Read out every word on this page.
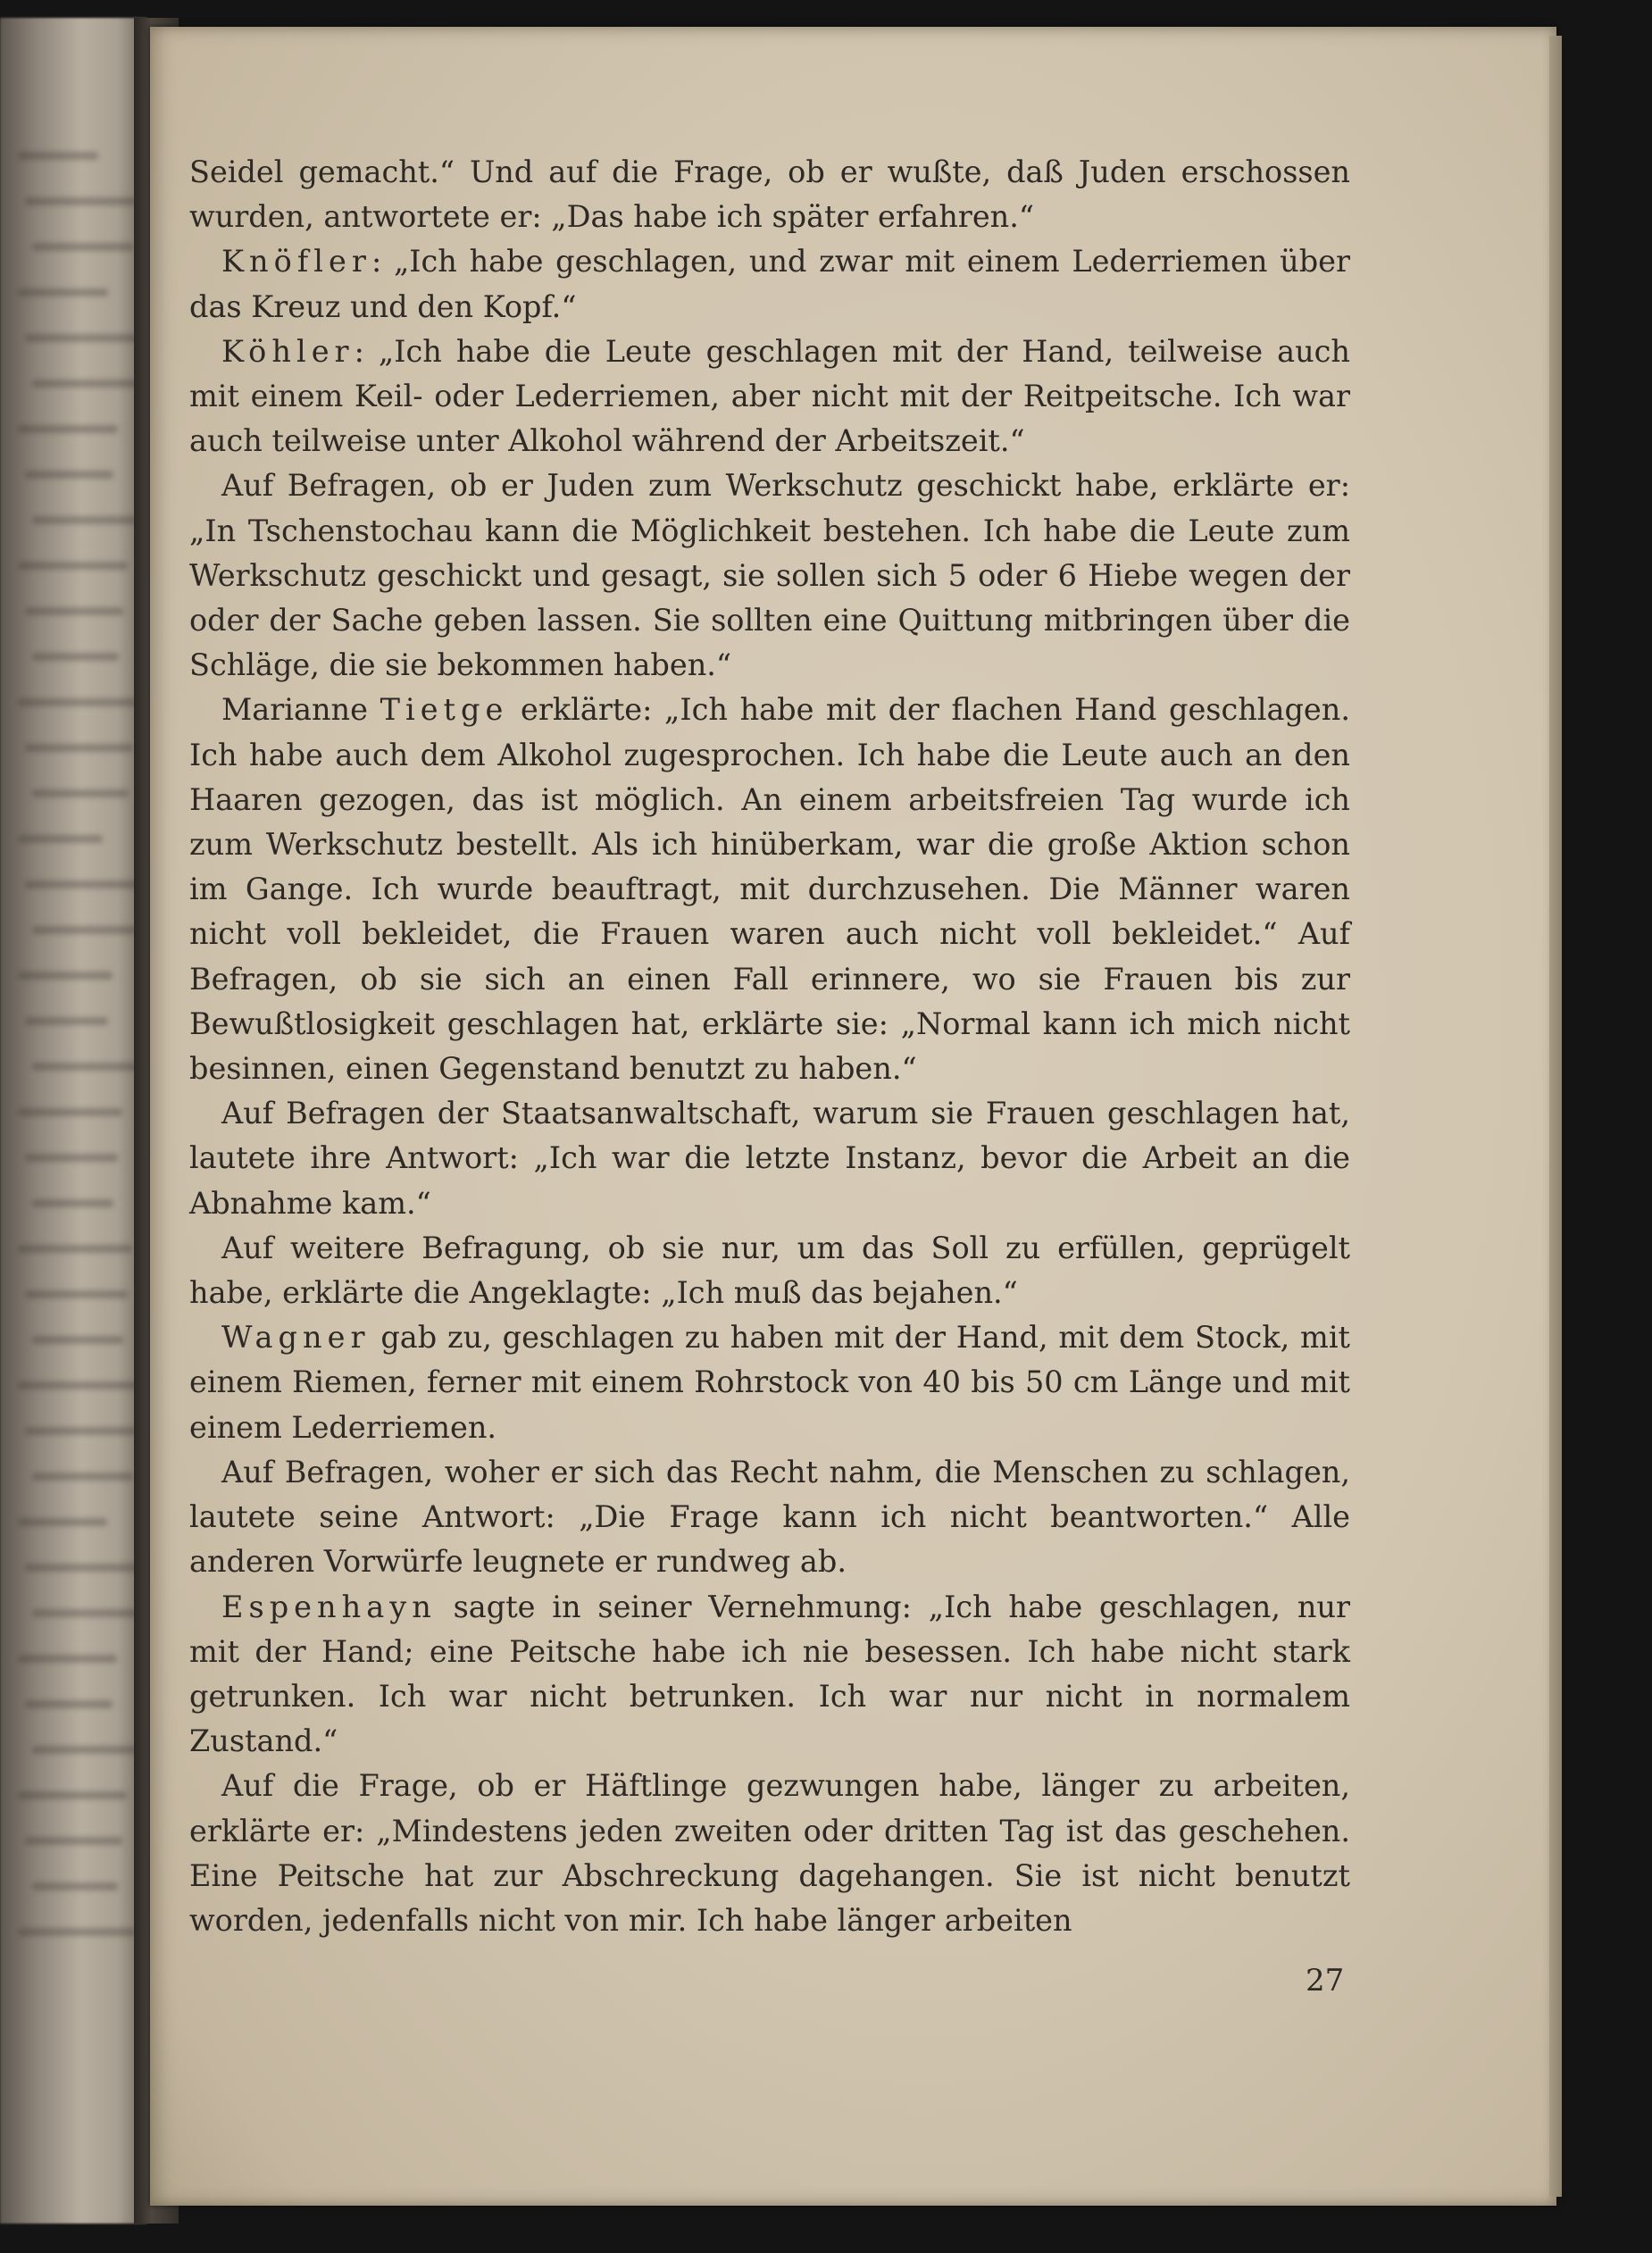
Seidel gemacht.“ Und auf die Frage, ob er wußte, daß Juden erschossen wurden, antwortete er: „Das habe ich später erfahren.“

Knöfler: „Ich habe geschlagen, und zwar mit einem Lederriemen über das Kreuz und den Kopf.“

Köhler: „Ich habe die Leute geschlagen mit der Hand, teilweise auch mit einem Keil- oder Lederriemen, aber nicht mit der Reitpeitsche. Ich war auch teilweise unter Alkohol während der Arbeitszeit.“

Auf Befragen, ob er Juden zum Werkschutz geschickt habe, erklärte er: „In Tschenstochau kann die Möglichkeit bestehen. Ich habe die Leute zum Werkschutz geschickt und gesagt, sie sollen sich 5 oder 6 Hiebe wegen der oder der Sache geben lassen. Sie sollten eine Quittung mitbringen über die Schläge, die sie bekommen haben.“

Marianne Tietge erklärte: „Ich habe mit der flachen Hand geschlagen. Ich habe auch dem Alkohol zugesprochen. Ich habe die Leute auch an den Haaren gezogen, das ist möglich. An einem arbeitsfreien Tag wurde ich zum Werkschutz bestellt. Als ich hinüberkam, war die große Aktion schon im Gange. Ich wurde beauftragt, mit durchzusehen. Die Männer waren nicht voll bekleidet, die Frauen waren auch nicht voll bekleidet.“ Auf Befragen, ob sie sich an einen Fall erinnere, wo sie Frauen bis zur Bewußtlosigkeit geschlagen hat, erklärte sie: „Normal kann ich mich nicht besinnen, einen Gegenstand benutzt zu haben.“

Auf Befragen der Staatsanwaltschaft, warum sie Frauen geschlagen hat, lautete ihre Antwort: „Ich war die letzte Instanz, bevor die Arbeit an die Abnahme kam.“

Auf weitere Befragung, ob sie nur, um das Soll zu erfüllen, geprügelt habe, erklärte die Angeklagte: „Ich muß das bejahen.“

Wagner gab zu, geschlagen zu haben mit der Hand, mit dem Stock, mit einem Riemen, ferner mit einem Rohrstock von 40 bis 50 cm Länge und mit einem Lederriemen.

Auf Befragen, woher er sich das Recht nahm, die Menschen zu schlagen, lautete seine Antwort: „Die Frage kann ich nicht beantworten.“ Alle anderen Vorwürfe leugnete er rundweg ab.

Espenhayn sagte in seiner Vernehmung: „Ich habe geschlagen, nur mit der Hand; eine Peitsche habe ich nie besessen. Ich habe nicht stark getrunken. Ich war nicht betrunken. Ich war nur nicht in normalem Zustand.“

Auf die Frage, ob er Häftlinge gezwungen habe, länger zu arbeiten, erklärte er: „Mindestens jeden zweiten oder dritten Tag ist das geschehen. Eine Peitsche hat zur Abschreckung dagehangen. Sie ist nicht benutzt worden, jedenfalls nicht von mir. Ich habe länger arbeiten

27
